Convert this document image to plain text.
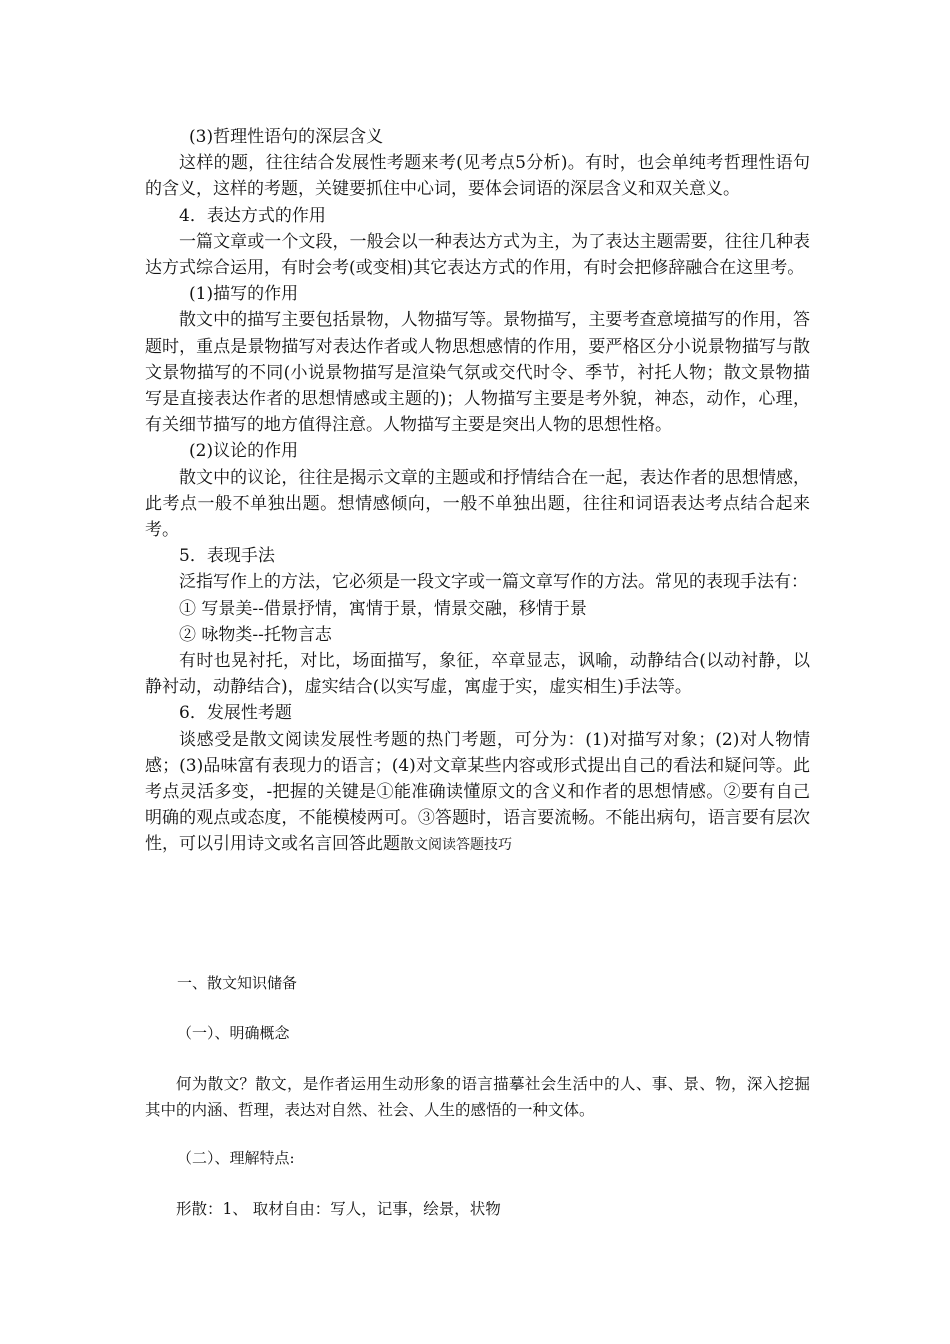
(3)哲理性语句的深层含义

这样的题，往往结合发展性考题来考(见考点5分析)。有时，也会单纯考哲理性语句的含义，这样的考题，关键要抓住中心词，要体会词语的深层含义和双关意义。

4．表达方式的作用

一篇文章或一个文段，一般会以一种表达方式为主，为了表达主题需要，往往几种表达方式综合运用，有时会考(或变相)其它表达方式的作用，有时会把修辞融合在这里考。

(1)描写的作用

散文中的描写主要包括景物，人物描写等。景物描写，主要考查意境描写的作用，答题时，重点是景物描写对表达作者或人物思想感情的作用，要严格区分小说景物描写与散文景物描写的不同(小说景物描写是渲染气氛或交代时令、季节，衬托人物；散文景物描写是直接表达作者的思想情感或主题的)；人物描写主要是考外貌，神态，动作，心理，有关细节描写的地方值得注意。人物描写主要是突出人物的思想性格。

(2)议论的作用

散文中的议论，往往是揭示文章的主题或和抒情结合在一起，表达作者的思想情感，此考点一般不单独出题。想情感倾向，一般不单独出题，往往和词语表达考点结合起来考。

5．表现手法

泛指写作上的方法，它必须是一段文字或一篇文章写作的方法。常见的表现手法有：

① 写景美--借景抒情，寓情于景，情景交融，移情于景

② 咏物类--托物言志

有时也晃衬托，对比，场面描写，象征，卒章显志，讽喻，动静结合(以动衬静，以静衬动，动静结合)，虚实结合(以实写虚，寓虚于实，虚实相生)手法等。

6．发展性考题

谈感受是散文阅读发展性考题的热门考题，可分为：(1)对描写对象；(2)对人物情感；(3)品味富有表现力的语言；(4)对文章某些内容或形式提出自己的看法和疑问等。此考点灵活多变，-把握的关键是①能准确读懂原文的含义和作者的思想情感。②要有自己明确的观点或态度，不能模棱两可。③答题时，语言要流畅。不能出病句，语言要有层次性，可以引用诗文或名言回答此题散文阅读答题技巧

一、散文知识储备

（一）、明确概念

何为散文？散文，是作者运用生动形象的语言描摹社会生活中的人、事、景、物，深入挖掘其中的内涵、哲理，表达对自然、社会、人生的感悟的一种文体。

（二）、理解特点:

形散：1、 取材自由：写人，记事，绘景，状物
